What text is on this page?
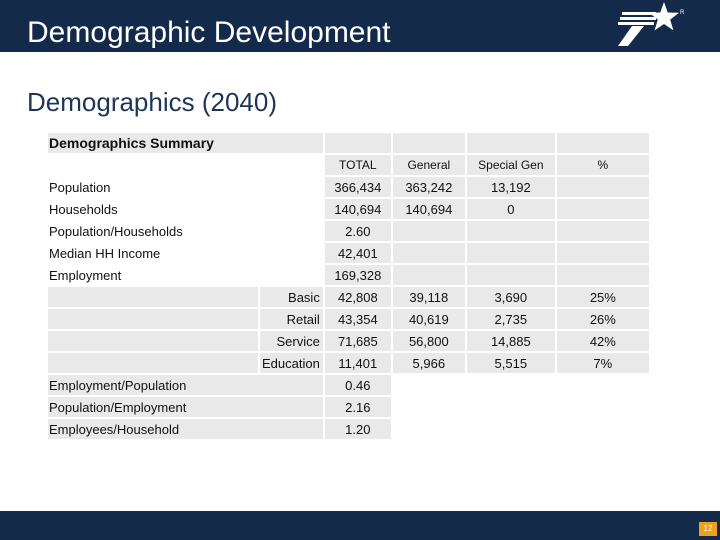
Demographic Development
R
Demographics (2040)
Demographics Summary					
		TOTAL	General	Special Gen	%
Population		366,434	363,242	13,192	
Households		140,694	140,694	0	
Population/Households		2.60			
Median HH Income		42,401			
Employment		169,328			
	Basic	42,808	39,118	3,690	25%
	Retail	43,354	40,619	2,735	26%
	Service	71,685	56,800	14,885	42%
	Education	11,401	5,966	5,515	7%
Employment/Population		0.46			
Population/Employment		2.16			
Employees/Household		1.20			
12
